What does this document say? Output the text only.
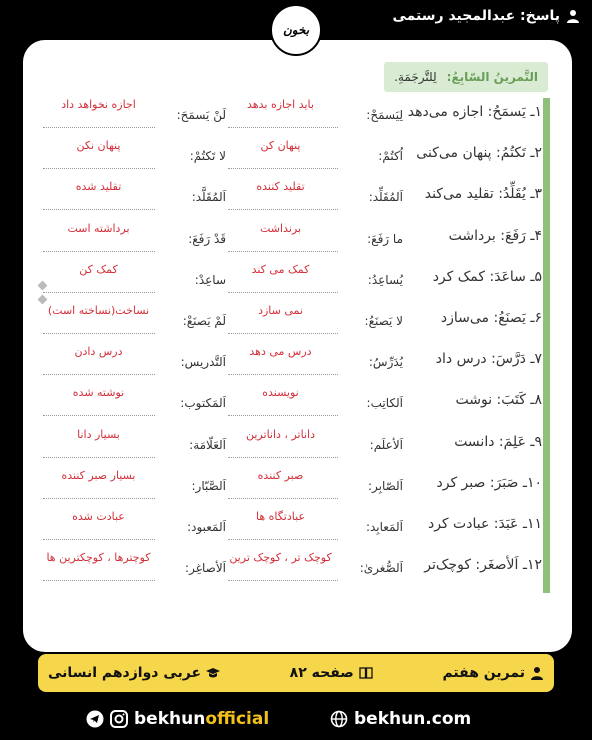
پاسخ: عبدالمجید رستمی
بخون
التَّمرینُ السّابِعُ:
لِلتَّرجَمَةِ.
۱ـ یَسمَحُ: اجازه می‌دهد
لِیَسمَحْ:
باید اجازه بدهد
لَنْ یَسمَحَ:
اجازه نخواهد داد
۲ـ تَکتُمُ: پنهان می‌کنی
اُکتُمْ:
پنهان کن
لا تَکتُمْ:
پنهان نکن
۳ـ یُقَلِّدُ: تقلید می‌کند
اَلمُقَلِّد:
تقلید کننده
اَلمُقَلَّد:
تقلید شده
۴ـ رَفَعَ: برداشت
ما رَفَعَ:
برنداشت
قَدْ رَفَعَ:
برداشته است
۵ـ ساعَدَ: کمک کرد
یُساعِدُ:
کمک می کند
ساعِدْ:
کمک کن
۶ـ یَصنَعُ: می‌سازد
لا یَصنَعُ:
نمی سازد
لَمْ یَصنَعْ:
نساخت(نساخته است)
۷ـ دَرَّسَ: درس داد
یُدَرِّسُ:
درس می دهد
اَلتَّدریس:
درس دادن
۸ـ کَتَبَ: نوشت
اَلکاتِب:
نویسنده
اَلمَکتوب:
نوشته شده
۹ـ عَلِمَ: دانست
اَلأعلَم:
داناتر ، داناترین
اَلعَلّامَة:
بسیار دانا
۱۰ـ صَبَرَ: صبر کرد
اَلصّابِر:
صبر کننده
اَلصَّبّار:
بسیار صبر کننده
۱۱ـ عَبَدَ: عبادت کرد
اَلمَعابِد:
عبادتگاه ها
اَلمَعبود:
عبادت شده
۱۲ـ اَلأصغَر: کوچک‌تر
اَلصُّغریٰ:
کوچک تر ، کوچک ترین
اَلأصاغِر:
کوچترها ، کوچکترین ها
تمرین هفتم
صفحه ۸۲
عربی دوازدهم انسانی
bekhunofficial	bekhun.com
